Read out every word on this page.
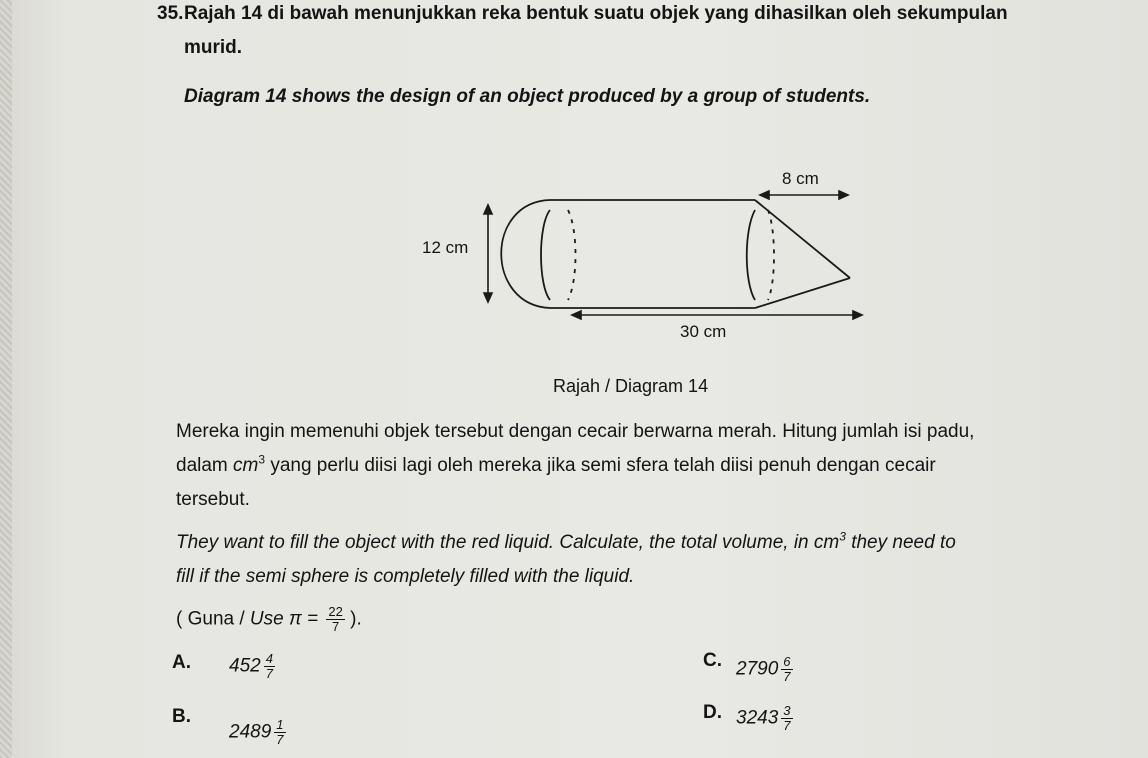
35. Rajah 14 di bawah menunjukkan reka bentuk suatu objek yang dihasilkan oleh sekumpulan
murid.
Diagram 14 shows the design of an object produced by a group of students.
8 cm
12 cm
30 cm
Rajah / Diagram 14
Mereka ingin memenuhi objek tersebut dengan cecair berwarna merah. Hitung jumlah isi padu,
dalam $cm^3$ yang perlu diisi lagi oleh mereka jika semi sfera telah diisi penuh dengan cecair
tersebut.
They want to fill the object with the red liquid. Calculate, the total volume, in $cm^3$ they need to
fill if the semi sphere is completely filled with the liquid.
( Guna / Use $\pi = \frac{22}{7}$ ).
A. $452 \frac{4}{7}$
B.
$2489 \frac{1}{7}$
C. $2790 \frac{6}{7}$
D. $3243 \frac{3}{7}$
